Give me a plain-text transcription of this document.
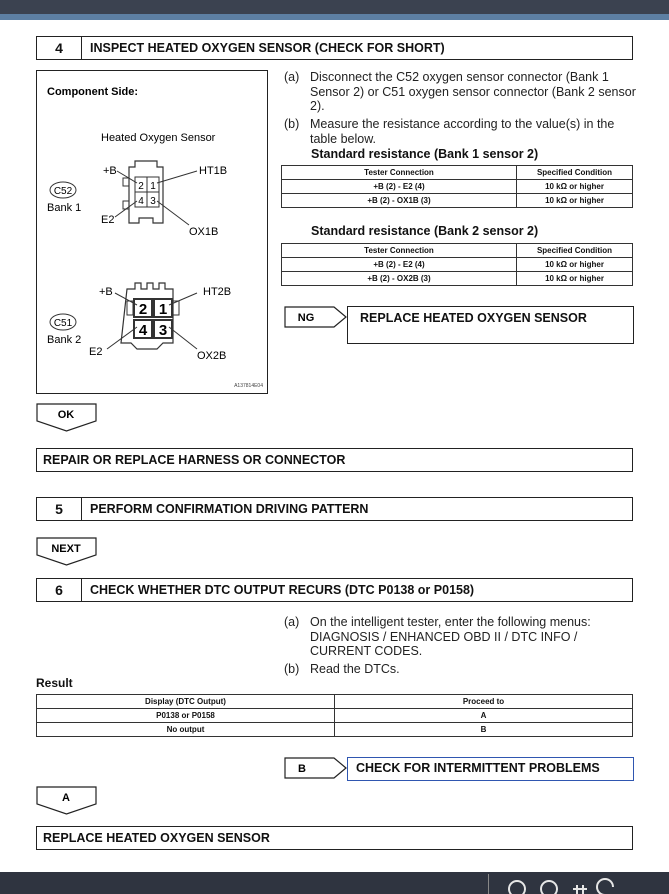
4	INSPECT HEATED OXYGEN SENSOR (CHECK FOR SHORT)
Component Side:
Heated Oxygen Sensor
2 1
4 3
+B	HT1B
E2
OX1B
C52
Bank 1
2 1
4 3
+B	HT2B
E2	OX2B
C51
Bank 2
A137814E04
(a) Disconnect the C52 oxygen sensor connector (Bank 1 Sensor 2) or C51 oxygen sensor connector (Bank 2 sensor 2).
(b) Measure the resistance according to the value(s) in the table below.
Standard resistance (Bank 1 sensor 2)
Tester Connection	Specified Condition
+B (2) - E2 (4)	10 kΩ or higher
+B (2) - OX1B (3)	10 kΩ or higher
Standard resistance (Bank 2 sensor 2)
Tester Connection	Specified Condition
+B (2) - E2 (4)	10 kΩ or higher
+B (2) - OX2B (3)	10 kΩ or higher
NG	REPLACE HEATED OXYGEN SENSOR
OK
REPAIR OR REPLACE HARNESS OR CONNECTOR
5	PERFORM CONFIRMATION DRIVING PATTERN
NEXT
6	CHECK WHETHER DTC OUTPUT RECURS (DTC P0138 or P0158)
(a) On the intelligent tester, enter the following menus: DIAGNOSIS / ENHANCED OBD II / DTC INFO / CURRENT CODES.
(b) Read the DTCs.
Result
Display (DTC Output)	Proceed to
P0138 or P0158	A
No output	B
B	CHECK FOR INTERMITTENT PROBLEMS
A
REPLACE HEATED OXYGEN SENSOR
